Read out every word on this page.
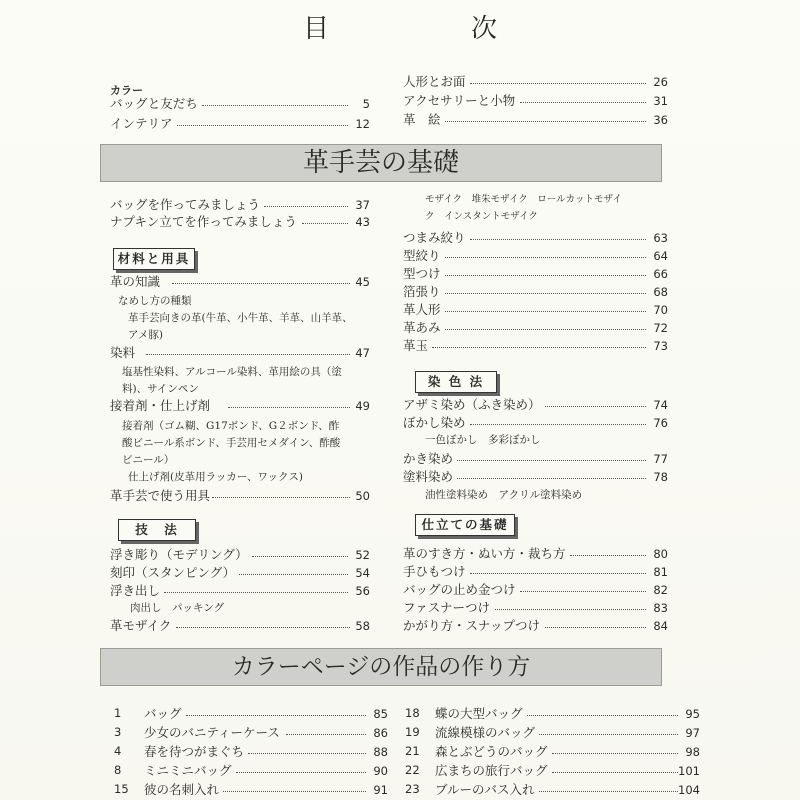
目　次
カラー
バッグと友だち	5
インテリア	12
人形とお面	26
アクセサリーと小物	31
革　絵	36
革手芸の基礎
バッグを作ってみましょう	37
ナプキン立てを作ってみましょう	43
材料と用具
革の知識	45
なめし方の種類
革手芸向きの革(牛革、小牛革、羊革、山羊革、
アメ豚)
染料	47
塩基性染料、アルコール染料、革用絵の具（塗
料)、サインペン
接着剤・仕上げ剤	49
接着剤（ゴム糊、G17ボンド、G２ボンド、酢
酸ビニール系ボンド、手芸用セメダイン、酢酸
ビニール）
仕上げ剤(皮革用ラッカー、ワックス)
革手芸で使う用具	50
技　法
浮き彫り（モデリング）	52
刻印（スタンピング）	54
浮き出し	56
肉出し　パッキング
革モザイク	58
モザイク　堆朱モザイク　ロールカットモザイ
ク　インスタントモザイク
つまみ絞り	63
型絞り	64
型つけ	66
箔張り	68
革人形	70
革あみ	72
革玉	73
染 色 法
アザミ染め（ふき染め）	74
ぼかし染め	76
一色ぼかし　多彩ぼかし
かき染め	77
塗料染め	78
油性塗料染め　アクリル塗料染め
仕立ての基礎
革のすき方・ぬい方・裁ち方	80
手ひもつけ	81
バッグの止め金つけ	82
ファスナーつけ	83
かがり方・スナップつけ	84
カラーページの作品の作り方
1 バッグ	85
3 少女のバニティーケース	86
4 春を待つがまぐち	88
8 ミニミニバッグ	90
15 彼の名刺入れ	91
18 蝶の大型バッグ	95
19 流線模様のバッグ	97
21 森とぶどうのバッグ	98
22 広まちの旅行バッグ	101
23 ブルーのバス入れ	104
